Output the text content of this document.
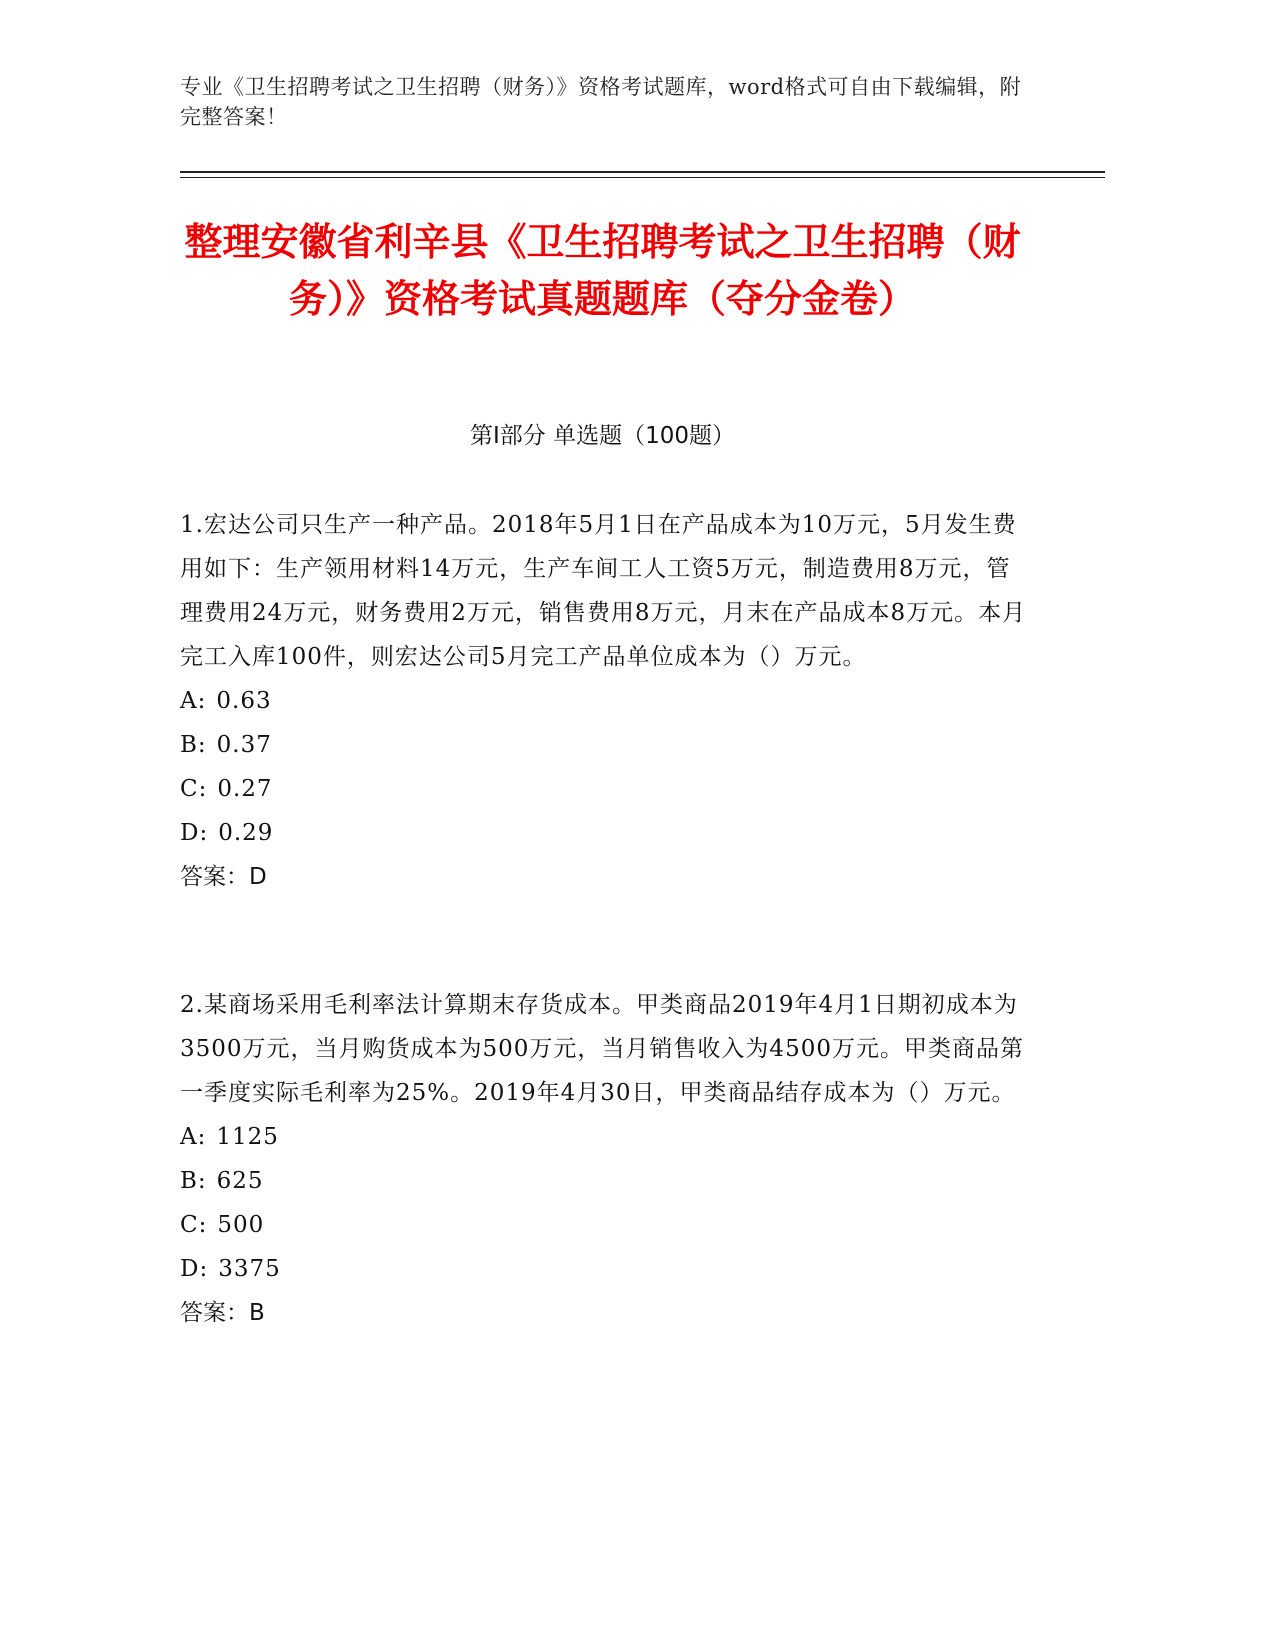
专业《卫生招聘考试之卫生招聘（财务）》资格考试题库，word格式可自由下载编辑，附完整答案！
整理安徽省利辛县《卫生招聘考试之卫生招聘（财务）》资格考试真题题库（夺分金卷）
第I部分 单选题（100题）
1.宏达公司只生产一种产品。2018年5月1日在产品成本为10万元，5月发生费用如下：生产领用材料14万元，生产车间工人工资5万元，制造费用8万元，管理费用24万元，财务费用2万元，销售费用8万元，月末在产品成本8万元。本月完工入库100件，则宏达公司5月完工产品单位成本为（）万元。
A : 0.63
B : 0.37
C : 0.27
D : 0.29
答案：D
2.某商场采用毛利率法计算期末存货成本。甲类商品2019年4月1日期初成本为3500万元，当月购货成本为500万元，当月销售收入为4500万元。甲类商品第一季度实际毛利率为25%。2019年4月30日，甲类商品结存成本为（）万元。
A : 1125
B : 625
C : 500
D : 3375
答案：B
